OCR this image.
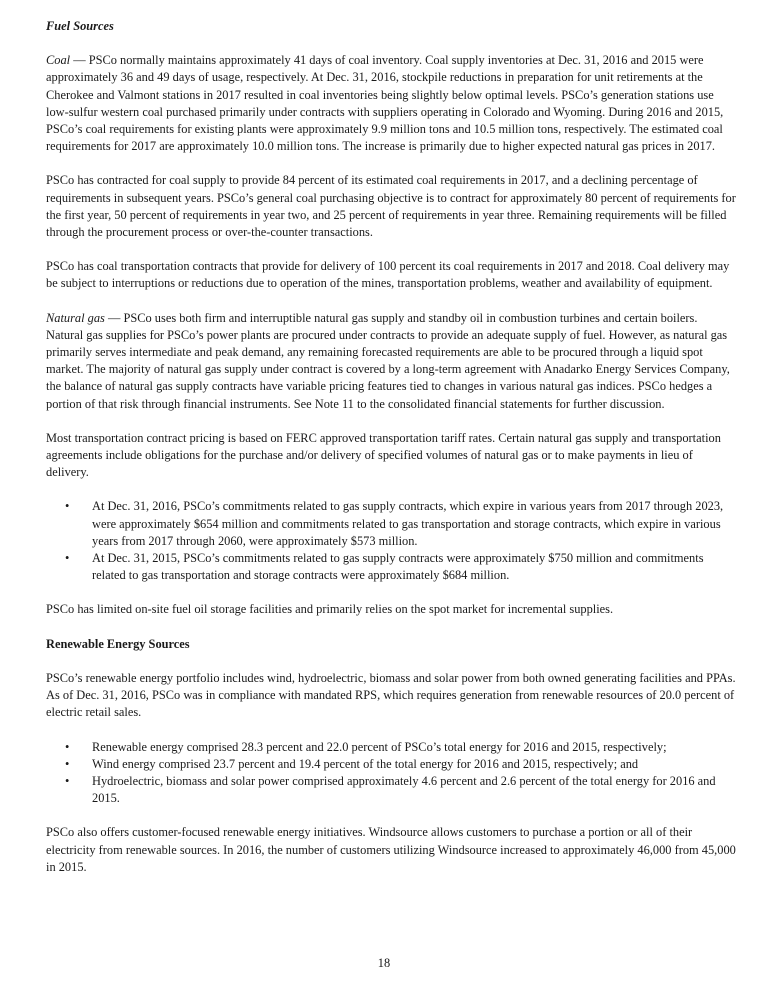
Fuel Sources

Coal — PSCo normally maintains approximately 41 days of coal inventory. Coal supply inventories at Dec. 31, 2016 and 2015 were approximately 36 and 49 days of usage, respectively. At Dec. 31, 2016, stockpile reductions in preparation for unit retirements at the Cherokee and Valmont stations in 2017 resulted in coal inventories being slightly below optimal levels. PSCo’s generation stations use low-sulfur western coal purchased primarily under contracts with suppliers operating in Colorado and Wyoming. During 2016 and 2015, PSCo’s coal requirements for existing plants were approximately 9.9 million tons and 10.5 million tons, respectively. The estimated coal requirements for 2017 are approximately 10.0 million tons. The increase is primarily due to higher expected natural gas prices in 2017.

PSCo has contracted for coal supply to provide 84 percent of its estimated coal requirements in 2017, and a declining percentage of requirements in subsequent years. PSCo’s general coal purchasing objective is to contract for approximately 80 percent of requirements for the first year, 50 percent of requirements in year two, and 25 percent of requirements in year three. Remaining requirements will be filled through the procurement process or over-the-counter transactions.

PSCo has coal transportation contracts that provide for delivery of 100 percent its coal requirements in 2017 and 2018. Coal delivery may be subject to interruptions or reductions due to operation of the mines, transportation problems, weather and availability of equipment.

Natural gas — PSCo uses both firm and interruptible natural gas supply and standby oil in combustion turbines and certain boilers. Natural gas supplies for PSCo’s power plants are procured under contracts to provide an adequate supply of fuel. However, as natural gas primarily serves intermediate and peak demand, any remaining forecasted requirements are able to be procured through a liquid spot market. The majority of natural gas supply under contract is covered by a long-term agreement with Anadarko Energy Services Company, the balance of natural gas supply contracts have variable pricing features tied to changes in various natural gas indices. PSCo hedges a portion of that risk through financial instruments. See Note 11 to the consolidated financial statements for further discussion.

Most transportation contract pricing is based on FERC approved transportation tariff rates. Certain natural gas supply and transportation agreements include obligations for the purchase and/or delivery of specified volumes of natural gas or to make payments in lieu of delivery.

• At Dec. 31, 2016, PSCo’s commitments related to gas supply contracts, which expire in various years from 2017 through 2023, were approximately $654 million and commitments related to gas transportation and storage contracts, which expire in various years from 2017 through 2060, were approximately $573 million.
• At Dec. 31, 2015, PSCo’s commitments related to gas supply contracts were approximately $750 million and commitments related to gas transportation and storage contracts were approximately $684 million.

PSCo has limited on-site fuel oil storage facilities and primarily relies on the spot market for incremental supplies.

Renewable Energy Sources

PSCo’s renewable energy portfolio includes wind, hydroelectric, biomass and solar power from both owned generating facilities and PPAs. As of Dec. 31, 2016, PSCo was in compliance with mandated RPS, which requires generation from renewable resources of 20.0 percent of electric retail sales.

• Renewable energy comprised 28.3 percent and 22.0 percent of PSCo’s total energy for 2016 and 2015, respectively;
• Wind energy comprised 23.7 percent and 19.4 percent of the total energy for 2016 and 2015, respectively; and
• Hydroelectric, biomass and solar power comprised approximately 4.6 percent and 2.6 percent of the total energy for 2016 and 2015.

PSCo also offers customer-focused renewable energy initiatives. Windsource allows customers to purchase a portion or all of their electricity from renewable sources. In 2016, the number of customers utilizing Windsource increased to approximately 46,000 from 45,000 in 2015.

18
